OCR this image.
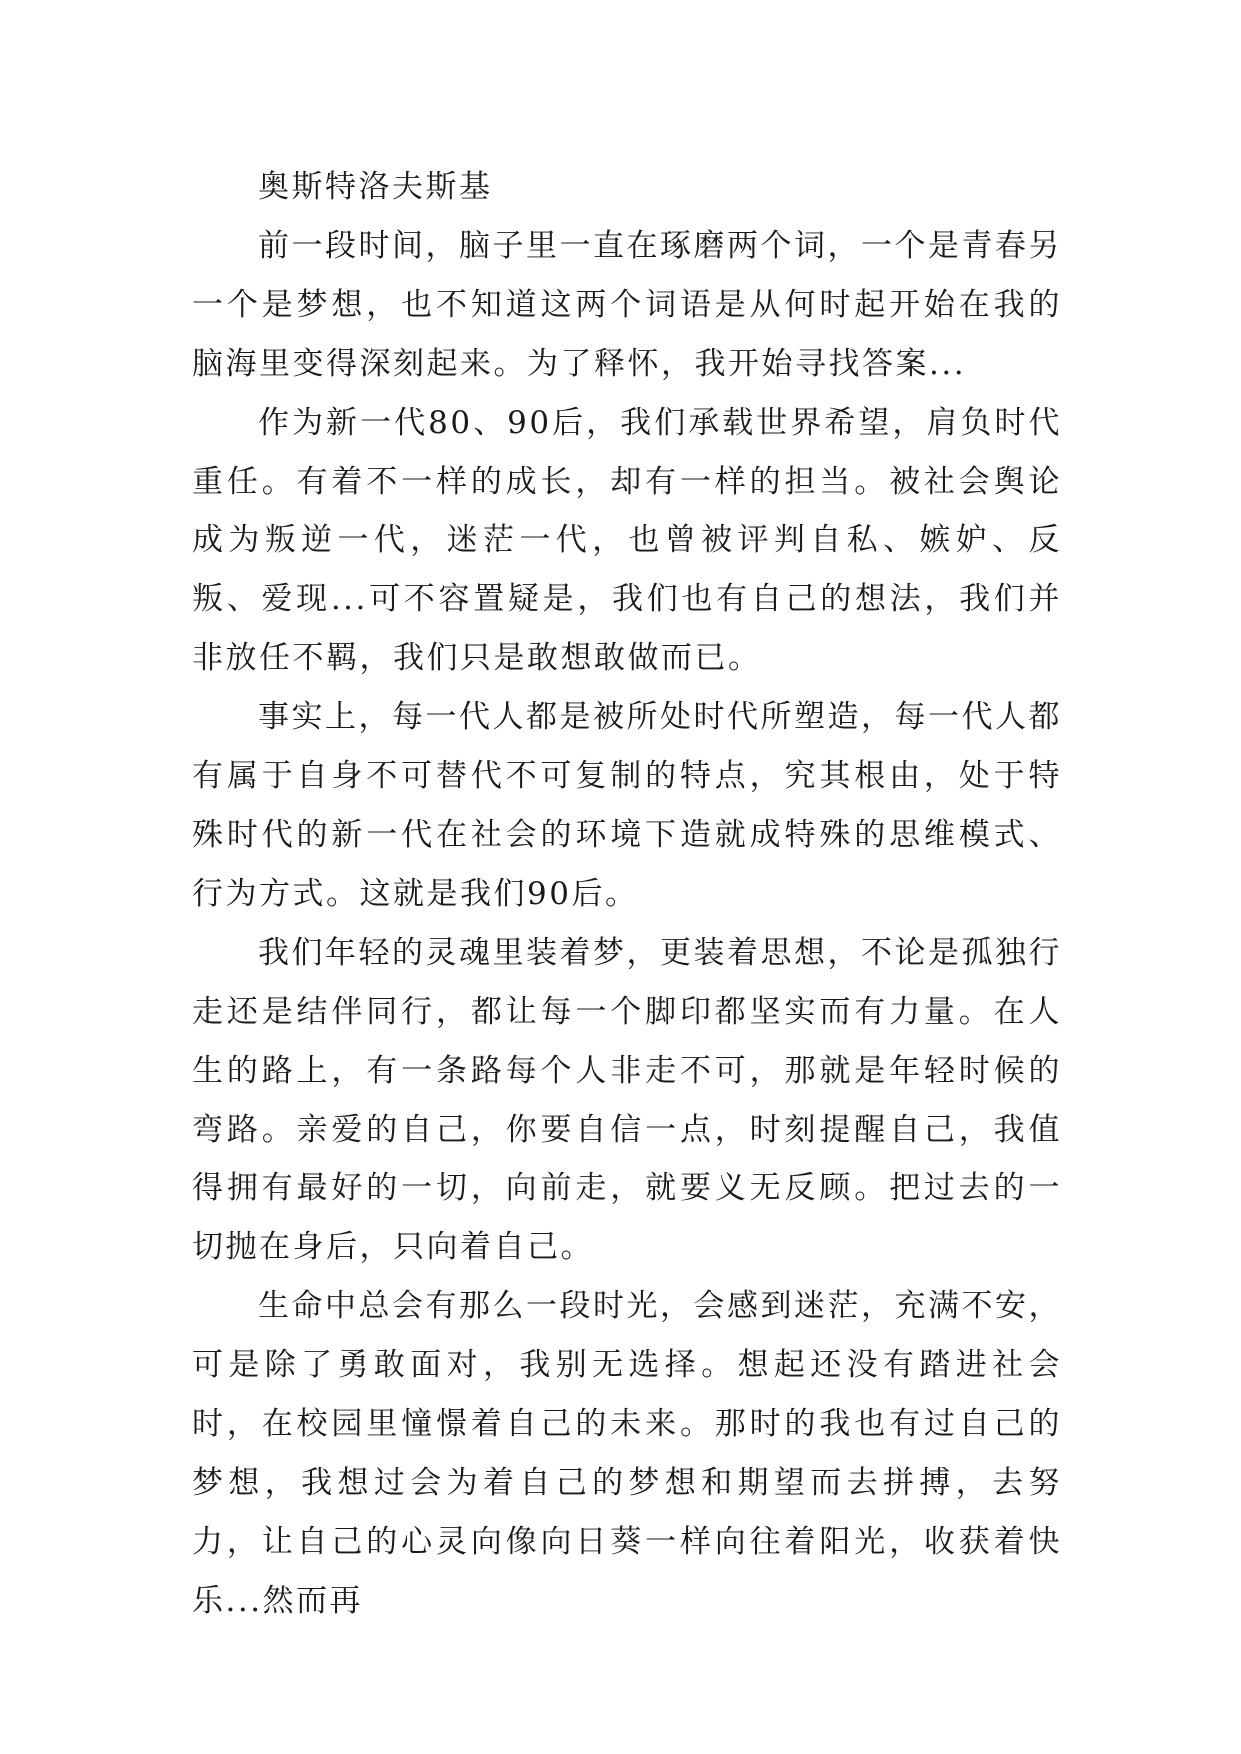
奥斯特洛夫斯基

前一段时间，脑子里一直在琢磨两个词，一个是青春另一个是梦想，也不知道这两个词语是从何时起开始在我的脑海里变得深刻起来。为了释怀，我开始寻找答案...

作为新一代80、90后，我们承载世界希望，肩负时代重任。有着不一样的成长，却有一样的担当。被社会舆论成为叛逆一代，迷茫一代，也曾被评判自私、嫉妒、反叛、爱现...可不容置疑是，我们也有自己的想法，我们并非放任不羁，我们只是敢想敢做而已。

事实上，每一代人都是被所处时代所塑造，每一代人都有属于自身不可替代不可复制的特点，究其根由，处于特殊时代的新一代在社会的环境下造就成特殊的思维模式、行为方式。这就是我们90后。

我们年轻的灵魂里装着梦，更装着思想，不论是孤独行走还是结伴同行，都让每一个脚印都坚实而有力量。在人生的路上，有一条路每个人非走不可，那就是年轻时候的弯路。亲爱的自己，你要自信一点，时刻提醒自己，我值得拥有最好的一切，向前走，就要义无反顾。把过去的一切抛在身后，只向着自己。

生命中总会有那么一段时光，会感到迷茫，充满不安，可是除了勇敢面对，我别无选择。想起还没有踏进社会时，在校园里憧憬着自己的未来。那时的我也有过自己的梦想，我想过会为着自己的梦想和期望而去拼搏，去努力，让自己的心灵向像向日葵一样向往着阳光，收获着快乐...然而再
